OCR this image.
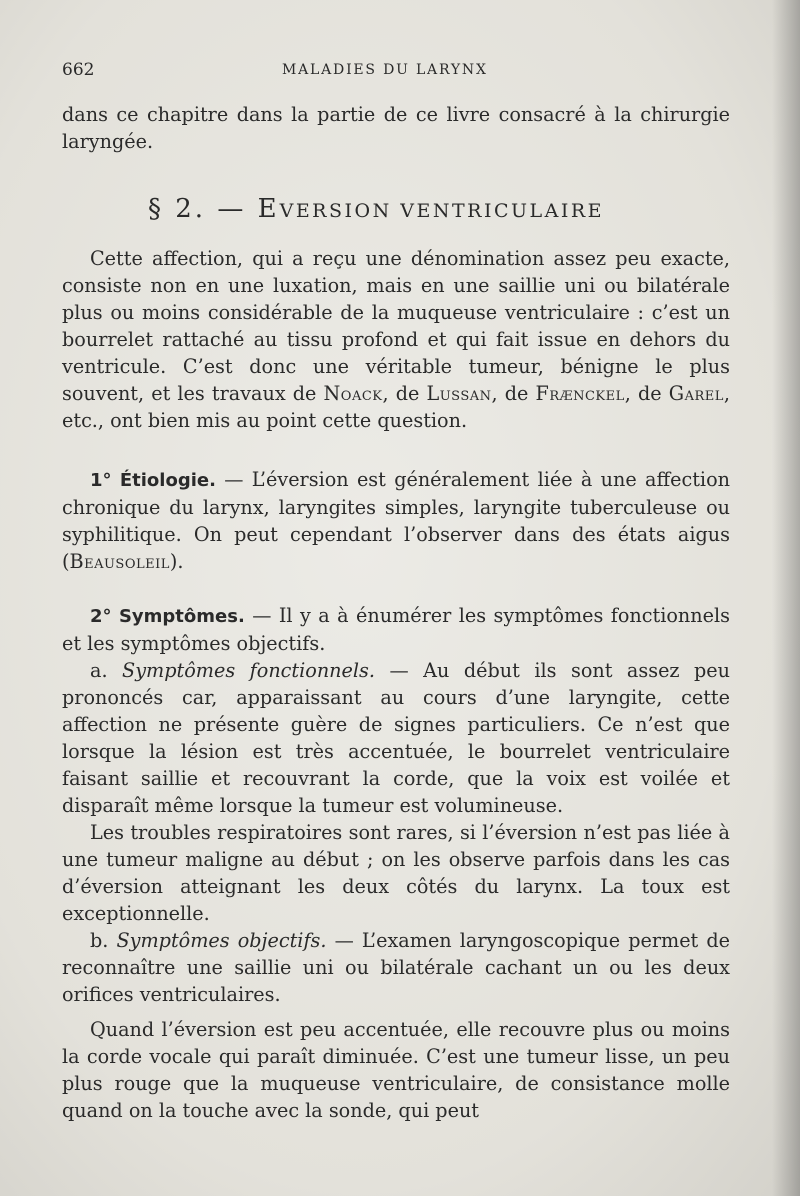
662	MALADIES DU LARYNX

dans ce chapitre dans la partie de ce livre consacré à la chirurgie laryngée.

§ 2. — EVERSION VENTRICULAIRE

Cette affection, qui a reçu une dénomination assez peu exacte, consiste non en une luxation, mais en une saillie uni ou bilatérale plus ou moins considérable de la muqueuse ventriculaire : c’est un bourrelet rattaché au tissu profond et qui fait issue en dehors du ventricule. C’est donc une véritable tumeur, bénigne le plus souvent, et les travaux de Noack, de Lussan, de Frænckel, de Garel, etc., ont bien mis au point cette question.

1° Étiologie. — L’éversion est généralement liée à une affection chronique du larynx, laryngites simples, laryngite tuberculeuse ou syphilitique. On peut cependant l’observer dans des états aigus (Beausoleil).

2° Symptômes. — Il y a à énumérer les symptômes fonctionnels et les symptômes objectifs.

a. Symptômes fonctionnels. — Au début ils sont assez peu prononcés car, apparaissant au cours d’une laryngite, cette affection ne présente guère de signes particuliers. Ce n’est que lorsque la lésion est très accentuée, le bourrelet ventriculaire faisant saillie et recouvrant la corde, que la voix est voilée et disparaît même lorsque la tumeur est volumineuse.

Les troubles respiratoires sont rares, si l’éversion n’est pas liée à une tumeur maligne au début ; on les observe parfois dans les cas d’éversion atteignant les deux côtés du larynx. La toux est exceptionnelle.

b. Symptômes objectifs. — L’examen laryngoscopique permet de reconnaître une saillie uni ou bilatérale cachant un ou les deux orifices ventriculaires.

Quand l’éversion est peu accentuée, elle recouvre plus ou moins la corde vocale qui paraît diminuée. C’est une tumeur lisse, un peu plus rouge que la muqueuse ventriculaire, de consistance molle quand on la touche avec la sonde, qui peut
